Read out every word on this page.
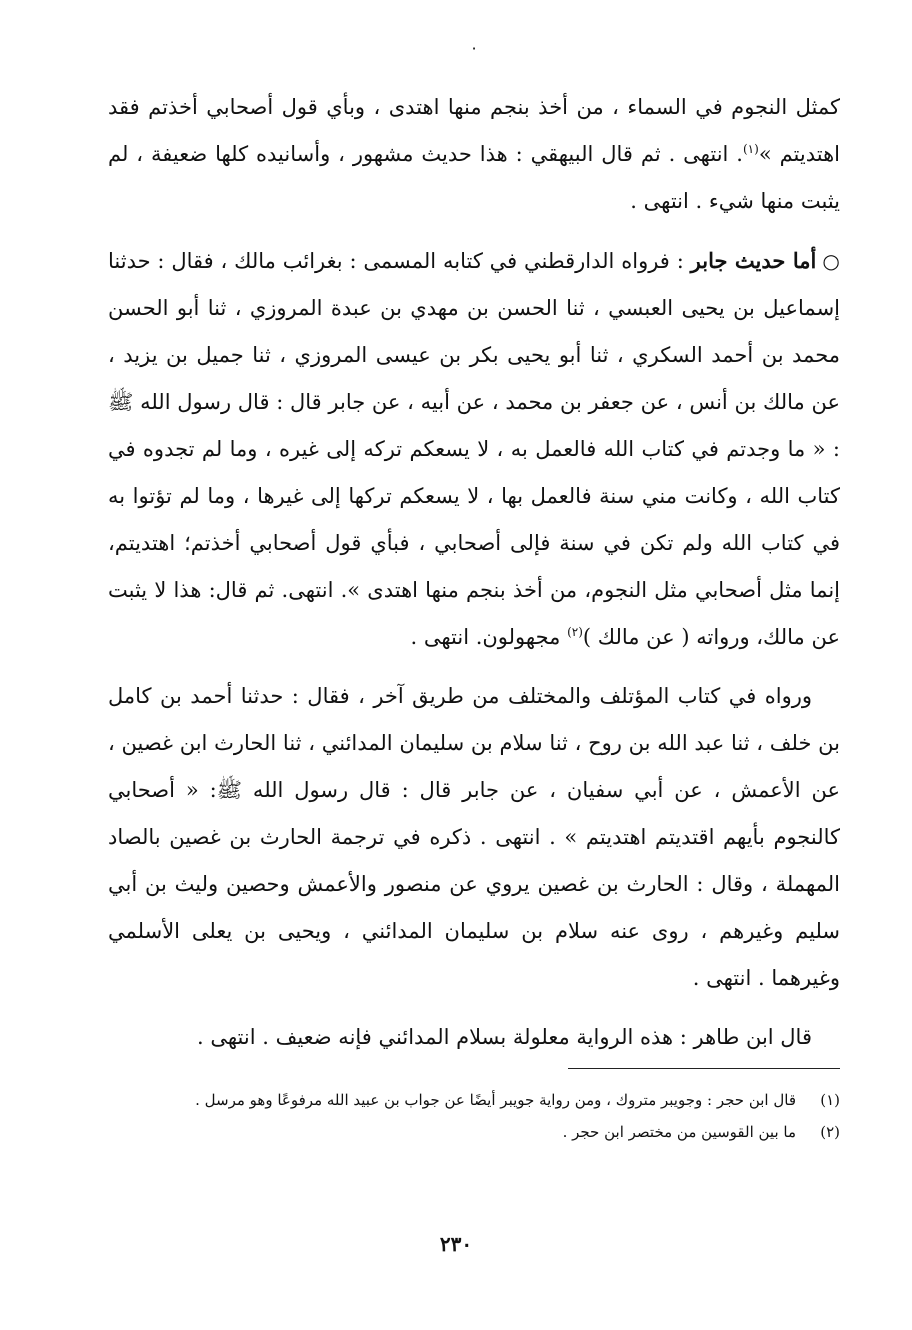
٠

كمثل النجوم في السماء ، من أخذ بنجم منها اهتدى ، وبأي قول أصحابي أخذتم فقد اهتديتم »$^{(١)}$. انتهى . ثم قال البيهقي : هذا حديث مشهور ، وأسانيده كلها ضعيفة ، لم يثبت منها شيء . انتهى .

○أما حديث جابر : فرواه الدارقطني في كتابه المسمى : بغرائب مالك ، فقال : حدثنا إسماعيل بن يحيى العبسي ، ثنا الحسن بن مهدي بن عبدة المروزي ، ثنا أبو الحسن محمد بن أحمد السكري ، ثنا أبو يحيى بكر بن عيسى المروزي ، ثنا جميل بن يزيد ، عن مالك بن أنس ، عن جعفر بن محمد ، عن أبيه ، عن جابر قال : قال رسول الله ﷺ : « ما وجدتم في كتاب الله فالعمل به ، لا يسعكم تركه إلى غيره ، وما لم تجدوه في كتاب الله ، وكانت مني سنة فالعمل بها ، لا يسعكم تركها إلى غيرها ، وما لم تؤتوا به في كتاب الله ولم تكن في سنة فإلى أصحابي ، فبأي قول أصحابي أخذتم؛ اهتديتم، إنما مثل أصحابي مثل النجوم، من أخذ بنجم منها اهتدى ». انتهى. ثم قال: هذا لا يثبت عن مالك، ورواته ( عن مالك )$^{(٢)}$ مجهولون. انتهى .

ورواه في كتاب المؤتلف والمختلف من طريق آخر ، فقال : حدثنا أحمد بن كامل بن خلف ، ثنا عبد الله بن روح ، ثنا سلام بن سليمان المدائني ، ثنا الحارث ابن غصين ، عن الأعمش ، عن أبي سفيان ، عن جابر قال : قال رسول الله ﷺ: « أصحابي كالنجوم بأيهم اقتديتم اهتديتم » . انتهى . ذكره في ترجمة الحارث بن غصين بالصاد المهملة ، وقال : الحارث بن غصين يروي عن منصور والأعمش وحصين وليث بن أبي سليم وغيرهم ، روى عنه سلام بن سليمان المدائني ، ويحيى بن يعلى الأسلمي وغيرهما . انتهى .

قال ابن طاهر : هذه الرواية معلولة بسلام المدائني فإنه ضعيف . انتهى .

(١)
قال ابن حجر : وجويبر متروك ، ومن رواية جويبر أيضًا عن جواب بن عبيد الله مرفوعًا وهو مرسل .

(٢)
ما بين القوسين من مختصر ابن حجر .

٢٣٠
